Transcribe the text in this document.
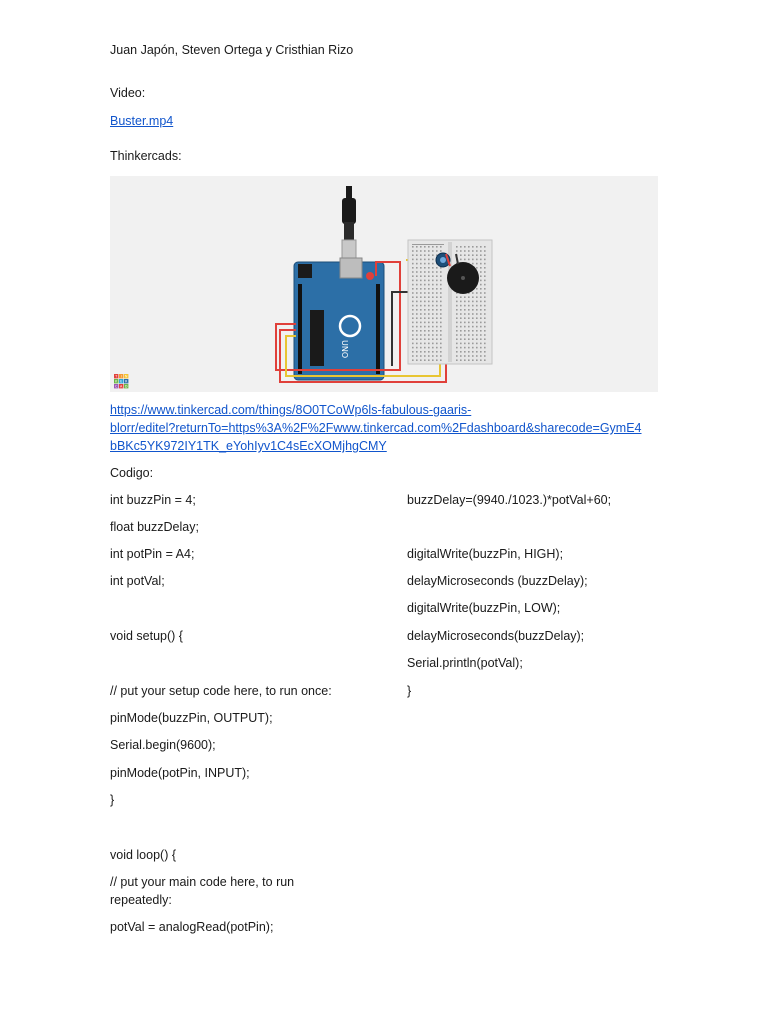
Juan Japón, Steven Ortega y Cristhian Rizo
Video:
Buster.mp4
Thinkercads:
UNO
T I N
K E R
C A D
https://www.tinkercad.com/things/8O0TCoWp6ls-fabulous-gaaris-
blorr/editel?returnTo=https%3A%2F%2Fwww.tinkercad.com%2Fdashboard&sharecode=GymE4
bBKc5YK972IY1TK_eYohIyv1C4sEcXOMjhgCMY
Codigo:
int buzzPin = 4;
float buzzDelay;
int potPin = A4;
int potVal;
void setup() {
// put your setup code here, to run once:
pinMode(buzzPin, OUTPUT);
Serial.begin(9600);
pinMode(potPin, INPUT);
}
void loop() {
// put your main code here, to run
repeatedly:
potVal = analogRead(potPin);
buzzDelay=(9940./1023.)*potVal+60;
digitalWrite(buzzPin, HIGH);
delayMicroseconds (buzzDelay);
digitalWrite(buzzPin, LOW);
delayMicroseconds(buzzDelay);
Serial.println(potVal);
}
